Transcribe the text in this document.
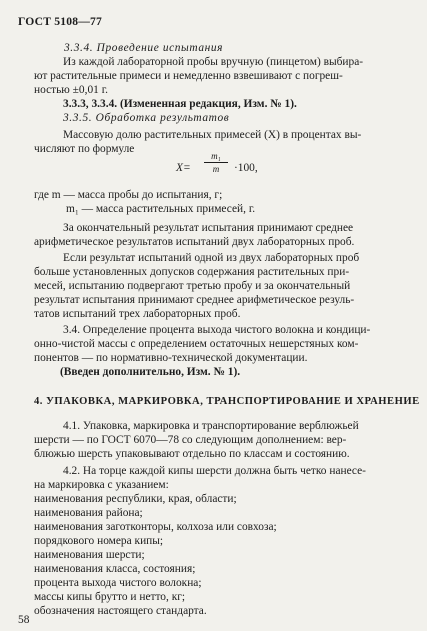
ГОСТ 5108—77
3.3.4. Проведение испытания
Из каждой лабораторной пробы вручную (пинцетом) выбира-
ют растительные примеси и немедленно взвешивают с погреш-
ностью ±0,01 г.
3.3.3, 3.3.4. (Измененная редакция, Изм. № 1).
3.3.5. Обработка результатов
Массовую долю растительных примесей (X) в процентах вы-
числяют по формуле
$X= \frac{\text{m₁}}{m} \cdot 100$,
где m — масса пробы до испытания, г;
m₁ — масса растительных примесей, г.
За окончательный результат испытания принимают среднее
арифметическое результатов испытаний двух лабораторных проб.
Если результат испытаний одной из двух лабораторных проб
больше установленных допусков содержания растительных при-
месей, испытанию подвергают третью пробу и за окончательный
результат испытания принимают среднее арифметическое резуль-
татов испытаний трех лабораторных проб.
3.4. Определение процента выхода чистого волокна и кондици-
онно-чистой массы с определением остаточных нешерстяных ком-
понентов — по нормативно-технической документации.
(Введен дополнительно, Изм. № 1).
4. УПАКОВКА, МАРКИРОВКА, ТРАНСПОРТИРОВАНИЕ И ХРАНЕНИЕ
4.1. Упаковка, маркировка и транспортирование верблюжьей
шерсти — по ГОСТ 6070—78 со следующим дополнением: вер-
блюжью шерсть упаковывают отдельно по классам и состоянию.
4.2. На торце каждой кипы шерсти должна быть четко нанесе-
на маркировка с указанием:
наименования республики, края, области;
наименования района;
наименования заготконторы, колхоза или совхоза;
порядкового номера кипы;
наименования шерсти;
наименования класса, состояния;
процента выхода чистого волокна;
массы кипы брутто и нетто, кг;
обозначения настоящего стандарта.
58
